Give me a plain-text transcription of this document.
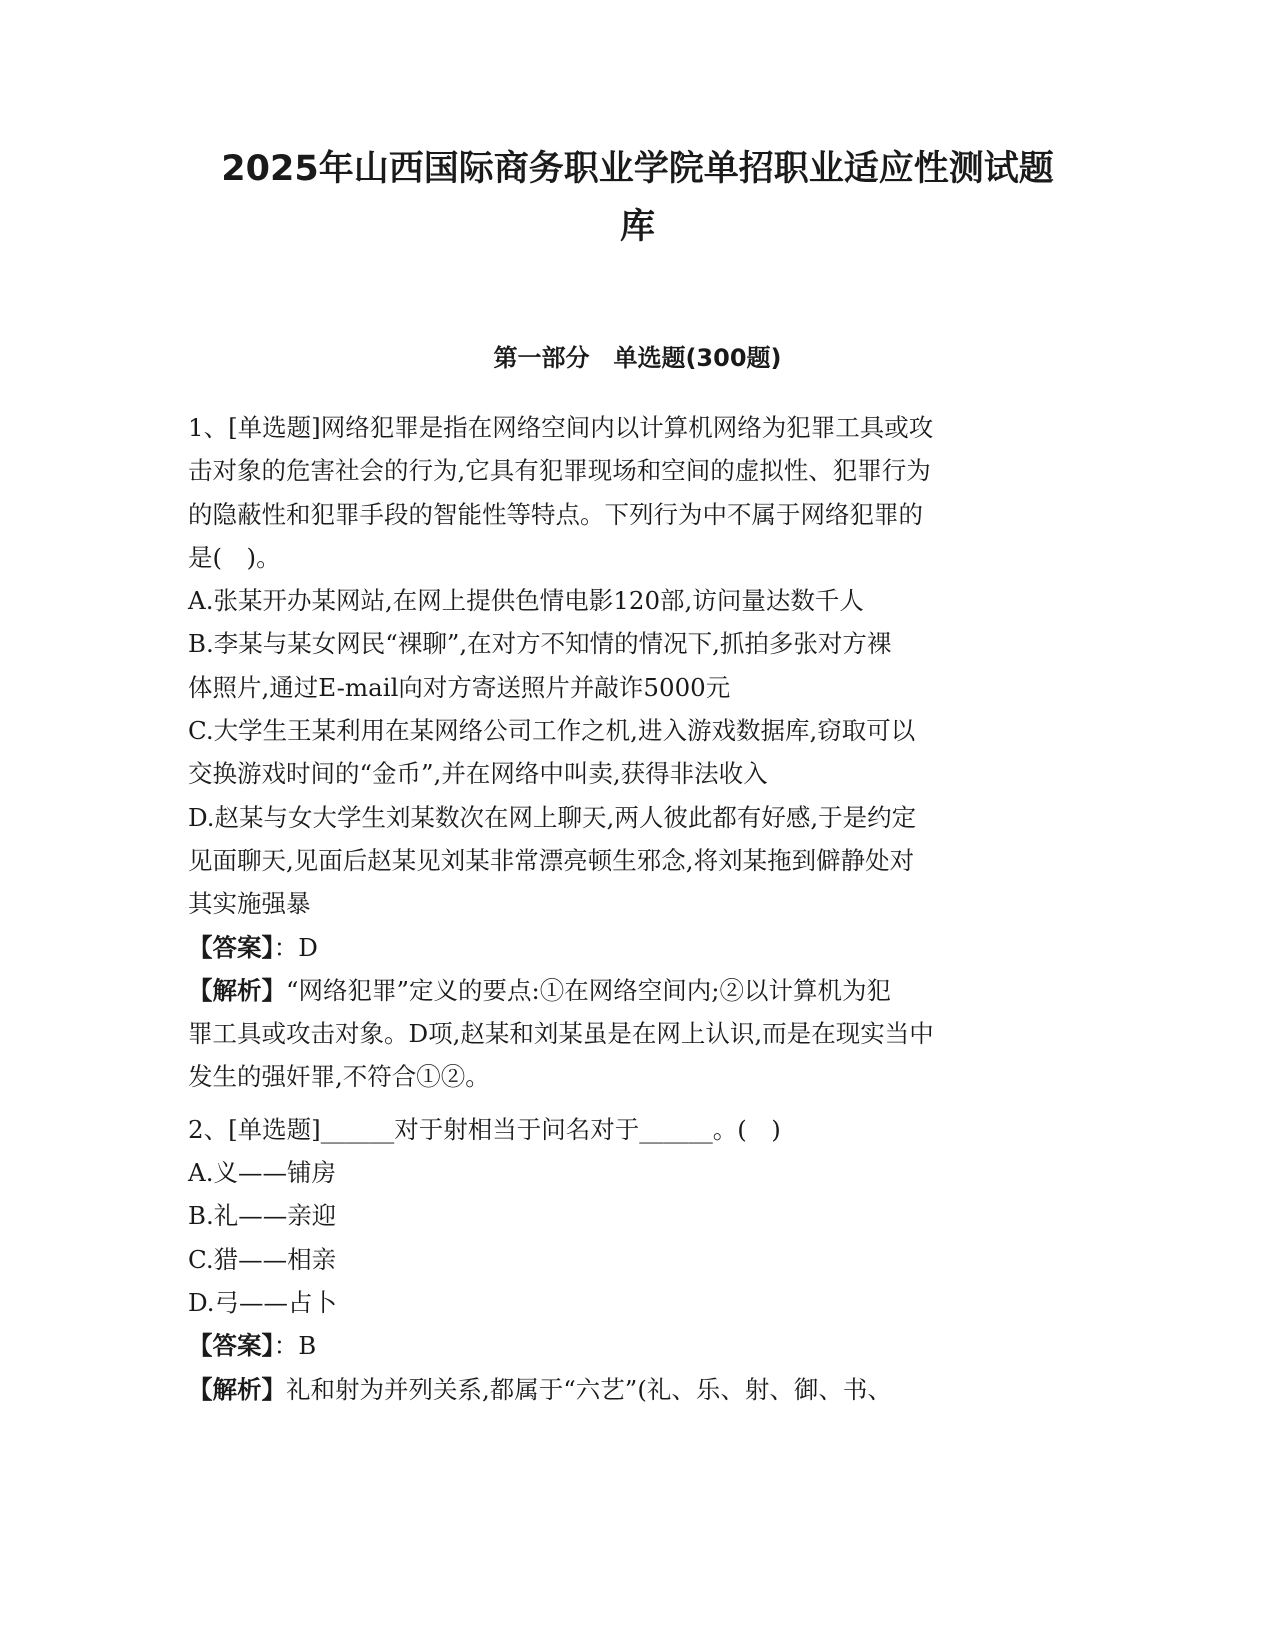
2025年山西国际商务职业学院单招职业适应性测试题
库
第一部分　单选题(300题)

1、[单选题]网络犯罪是指在网络空间内以计算机网络为犯罪工具或攻
击对象的危害社会的行为,它具有犯罪现场和空间的虚拟性、犯罪行为
的隐蔽性和犯罪手段的智能性等特点。下列行为中不属于网络犯罪的
是(　)。

A.张某开办某网站,在网上提供色情电影120部,访问量达数千人

B.李某与某女网民“裸聊”,在对方不知情的情况下,抓拍多张对方裸
体照片,通过E-mail向对方寄送照片并敲诈5000元

C.大学生王某利用在某网络公司工作之机,进入游戏数据库,窃取可以
交换游戏时间的“金币”,并在网络中叫卖,获得非法收入

D.赵某与女大学生刘某数次在网上聊天,两人彼此都有好感,于是约定
见面聊天,见面后赵某见刘某非常漂亮顿生邪念,将刘某拖到僻静处对
其实施强暴

【答案】：D

【解析】“网络犯罪”定义的要点:①在网络空间内;②以计算机为犯
罪工具或攻击对象。D项,赵某和刘某虽是在网上认识,而是在现实当中
发生的强奸罪,不符合①②。

2、[单选题]______对于射相当于问名对于______。(　)

A.义——铺房

B.礼——亲迎

C.猎——相亲

D.弓——占卜

【答案】：B

【解析】礼和射为并列关系,都属于“六艺”(礼、乐、射、御、书、
